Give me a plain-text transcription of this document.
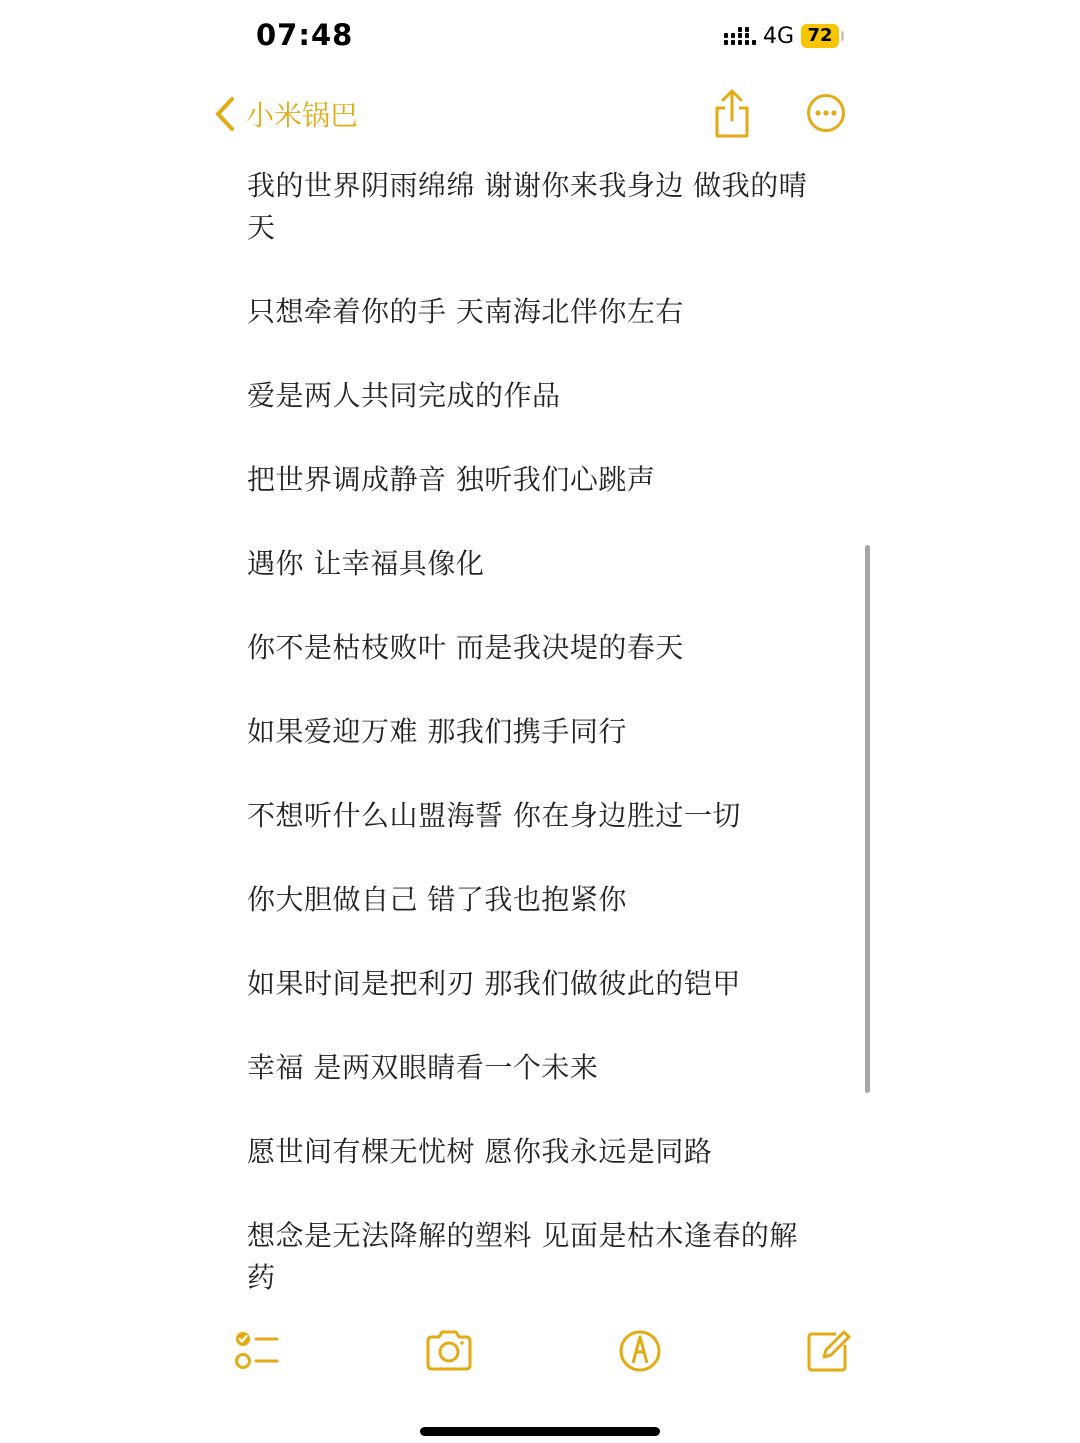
07:48	4G 72
小米锅巴
我的世界阴雨绵绵 谢谢你来我身边 做我的晴
天
只想牵着你的手 天南海北伴你左右
爱是两人共同完成的作品
把世界调成静音 独听我们心跳声
遇你 让幸福具像化
你不是枯枝败叶 而是我决堤的春天
如果爱迎万难 那我们携手同行
不想听什么山盟海誓 你在身边胜过一切
你大胆做自己 错了我也抱紧你
如果时间是把利刃 那我们做彼此的铠甲
幸福 是两双眼睛看一个未来
愿世间有棵无忧树 愿你我永远是同路
想念是无法降解的塑料 见面是枯木逢春的解
药
